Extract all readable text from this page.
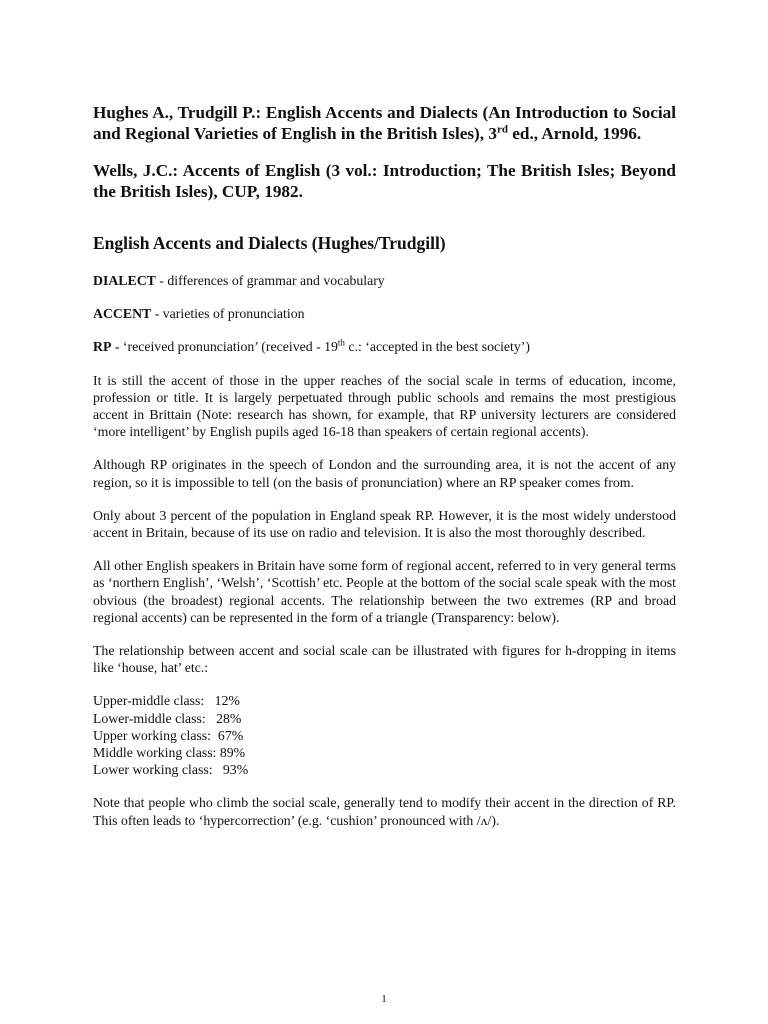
Hughes A., Trudgill P.: English Accents and Dialects (An Introduction to Social and Regional Varieties of English in the British Isles), 3rd ed., Arnold, 1996.

Wells, J.C.: Accents of English (3 vol.: Introduction; The British Isles; Beyond the British Isles), CUP, 1982.

English Accents and Dialects (Hughes/Trudgill)

DIALECT - differences of grammar and vocabulary

ACCENT - varieties of pronunciation

RP - ‘received pronunciation’ (received - 19th c.: ‘accepted in the best society’)

It is still the accent of those in the upper reaches of the social scale in terms of education, income, profession or title. It is largely perpetuated through public schools and remains the most prestigious accent in Brittain (Note: research has shown, for example, that RP university lecturers are considered ‘more intelligent’ by English pupils aged 16-18 than speakers of certain regional accents).

Although RP originates in the speech of London and the surrounding area, it is not the accent of any region, so it is impossible to tell (on the basis of pronunciation) where an RP speaker comes from.

Only about 3 percent of the population in England speak RP. However, it is the most widely understood accent in Britain, because of its use on radio and television. It is also the most thoroughly described.

All other English speakers in Britain have some form of regional accent, referred to in very general terms as ‘northern English’, ‘Welsh’, ‘Scottish’ etc. People at the bottom of the social scale speak with the most obvious (the broadest) regional accents. The relationship between the two extremes (RP and broad regional accents) can be represented in the form of a triangle (Transparency: below).

The relationship between accent and social scale can be illustrated with figures for h-dropping in items like ‘house, hat’ etc.:

Upper-middle class: 12%
Lower-middle class: 28%
Upper working class: 67%
Middle working class: 89%
Lower working class: 93%

Note that people who climb the social scale, generally tend to modify their accent in the direction of RP. This often leads to ‘hypercorrection’ (e.g. ‘cushion’ pronounced with /ʌ/).

1
